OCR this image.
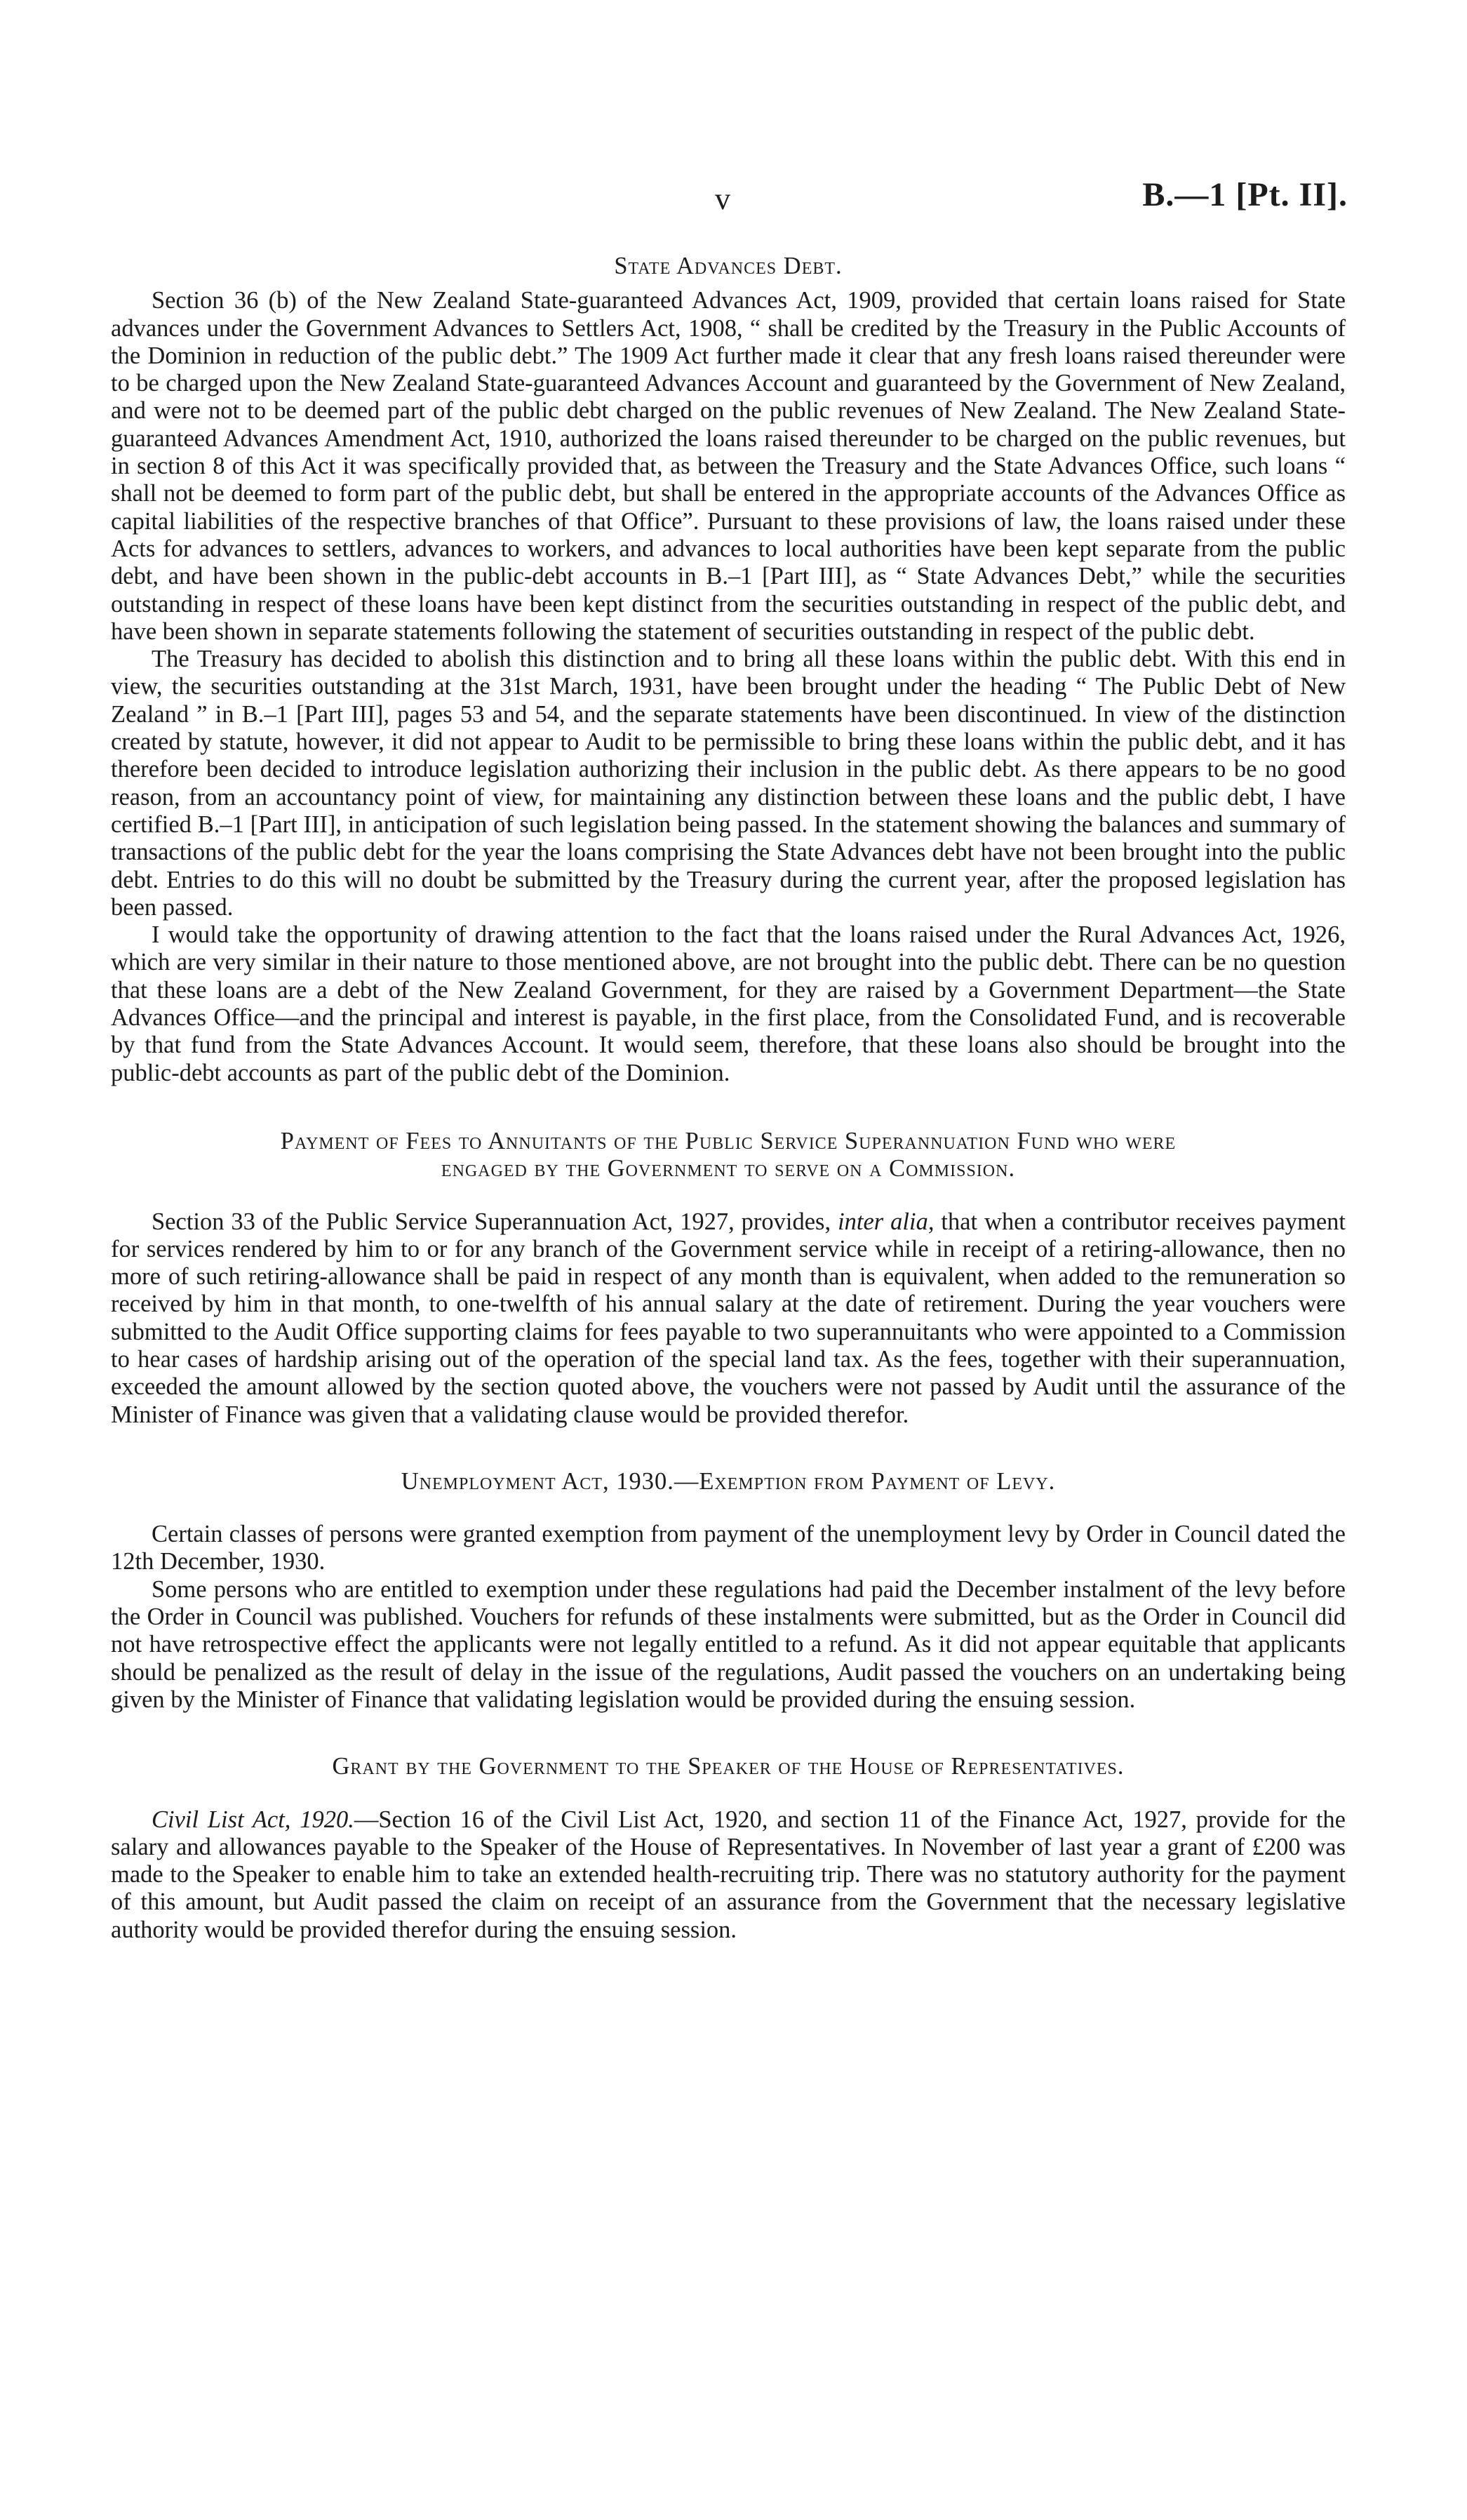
v	B.—1 [Pt. II].
State Advances Debt.

Section 36 (b) of the New Zealand State-guaranteed Advances Act, 1909, provided that certain loans raised for State advances under the Government Advances to Settlers Act, 1908, “ shall be credited by the Treasury in the Public Accounts of the Dominion in reduction of the public debt.” The 1909 Act further made it clear that any fresh loans raised thereunder were to be charged upon the New Zealand State-guaranteed Advances Account and guaranteed by the Government of New Zealand, and were not to be deemed part of the public debt charged on the public revenues of New Zealand. The New Zealand State-guaranteed Advances Amendment Act, 1910, authorized the loans raised thereunder to be charged on the public revenues, but in section 8 of this Act it was specifically provided that, as between the Treasury and the State Advances Office, such loans “ shall not be deemed to form part of the public debt, but shall be entered in the appropriate accounts of the Advances Office as capital liabilities of the respective branches of that Office”. Pursuant to these provisions of law, the loans raised under these Acts for advances to settlers, advances to workers, and advances to local authorities have been kept separate from the public debt, and have been shown in the public-debt accounts in B.–1 [Part III], as “ State Advances Debt,” while the securities outstanding in respect of these loans have been kept distinct from the securities outstanding in respect of the public debt, and have been shown in separate statements following the statement of securities outstanding in respect of the public debt.

The Treasury has decided to abolish this distinction and to bring all these loans within the public debt. With this end in view, the securities outstanding at the 31st March, 1931, have been brought under the heading “ The Public Debt of New Zealand ” in B.–1 [Part III], pages 53 and 54, and the separate statements have been discontinued. In view of the distinction created by statute, however, it did not appear to Audit to be permissible to bring these loans within the public debt, and it has therefore been decided to introduce legislation authorizing their inclusion in the public debt. As there appears to be no good reason, from an accountancy point of view, for maintaining any distinction between these loans and the public debt, I have certified B.–1 [Part III], in anticipation of such legislation being passed. In the statement showing the balances and summary of transactions of the public debt for the year the loans comprising the State Advances debt have not been brought into the public debt. Entries to do this will no doubt be submitted by the Treasury during the current year, after the proposed legislation has been passed.

I would take the opportunity of drawing attention to the fact that the loans raised under the Rural Advances Act, 1926, which are very similar in their nature to those mentioned above, are not brought into the public debt. There can be no question that these loans are a debt of the New Zealand Government, for they are raised by a Government Department—the State Advances Office—and the principal and interest is payable, in the first place, from the Consolidated Fund, and is recoverable by that fund from the State Advances Account. It would seem, therefore, that these loans also should be brought into the public-debt accounts as part of the public debt of the Dominion.

Payment of Fees to Annuitants of the Public Service Superannuation Fund who were
engaged by the Government to serve on a Commission.

Section 33 of the Public Service Superannuation Act, 1927, provides, inter alia, that when a contributor receives payment for services rendered by him to or for any branch of the Government service while in receipt of a retiring-allowance, then no more of such retiring-allowance shall be paid in respect of any month than is equivalent, when added to the remuneration so received by him in that month, to one-twelfth of his annual salary at the date of retirement. During the year vouchers were submitted to the Audit Office supporting claims for fees payable to two superannuitants who were appointed to a Commission to hear cases of hardship arising out of the operation of the special land tax. As the fees, together with their superannuation, exceeded the amount allowed by the section quoted above, the vouchers were not passed by Audit until the assurance of the Minister of Finance was given that a validating clause would be provided therefor.

Unemployment Act, 1930.—Exemption from Payment of Levy.

Certain classes of persons were granted exemption from payment of the unemployment levy by Order in Council dated the 12th December, 1930.

Some persons who are entitled to exemption under these regulations had paid the December instalment of the levy before the Order in Council was published. Vouchers for refunds of these instalments were submitted, but as the Order in Council did not have retrospective effect the applicants were not legally entitled to a refund. As it did not appear equitable that applicants should be penalized as the result of delay in the issue of the regulations, Audit passed the vouchers on an undertaking being given by the Minister of Finance that validating legislation would be provided during the ensuing session.

Grant by the Government to the Speaker of the House of Representatives.

Civil List Act, 1920.—Section 16 of the Civil List Act, 1920, and section 11 of the Finance Act, 1927, provide for the salary and allowances payable to the Speaker of the House of Representatives. In November of last year a grant of £200 was made to the Speaker to enable him to take an extended health-recruiting trip. There was no statutory authority for the payment of this amount, but Audit passed the claim on receipt of an assurance from the Government that the necessary legislative authority would be provided therefor during the ensuing session.
